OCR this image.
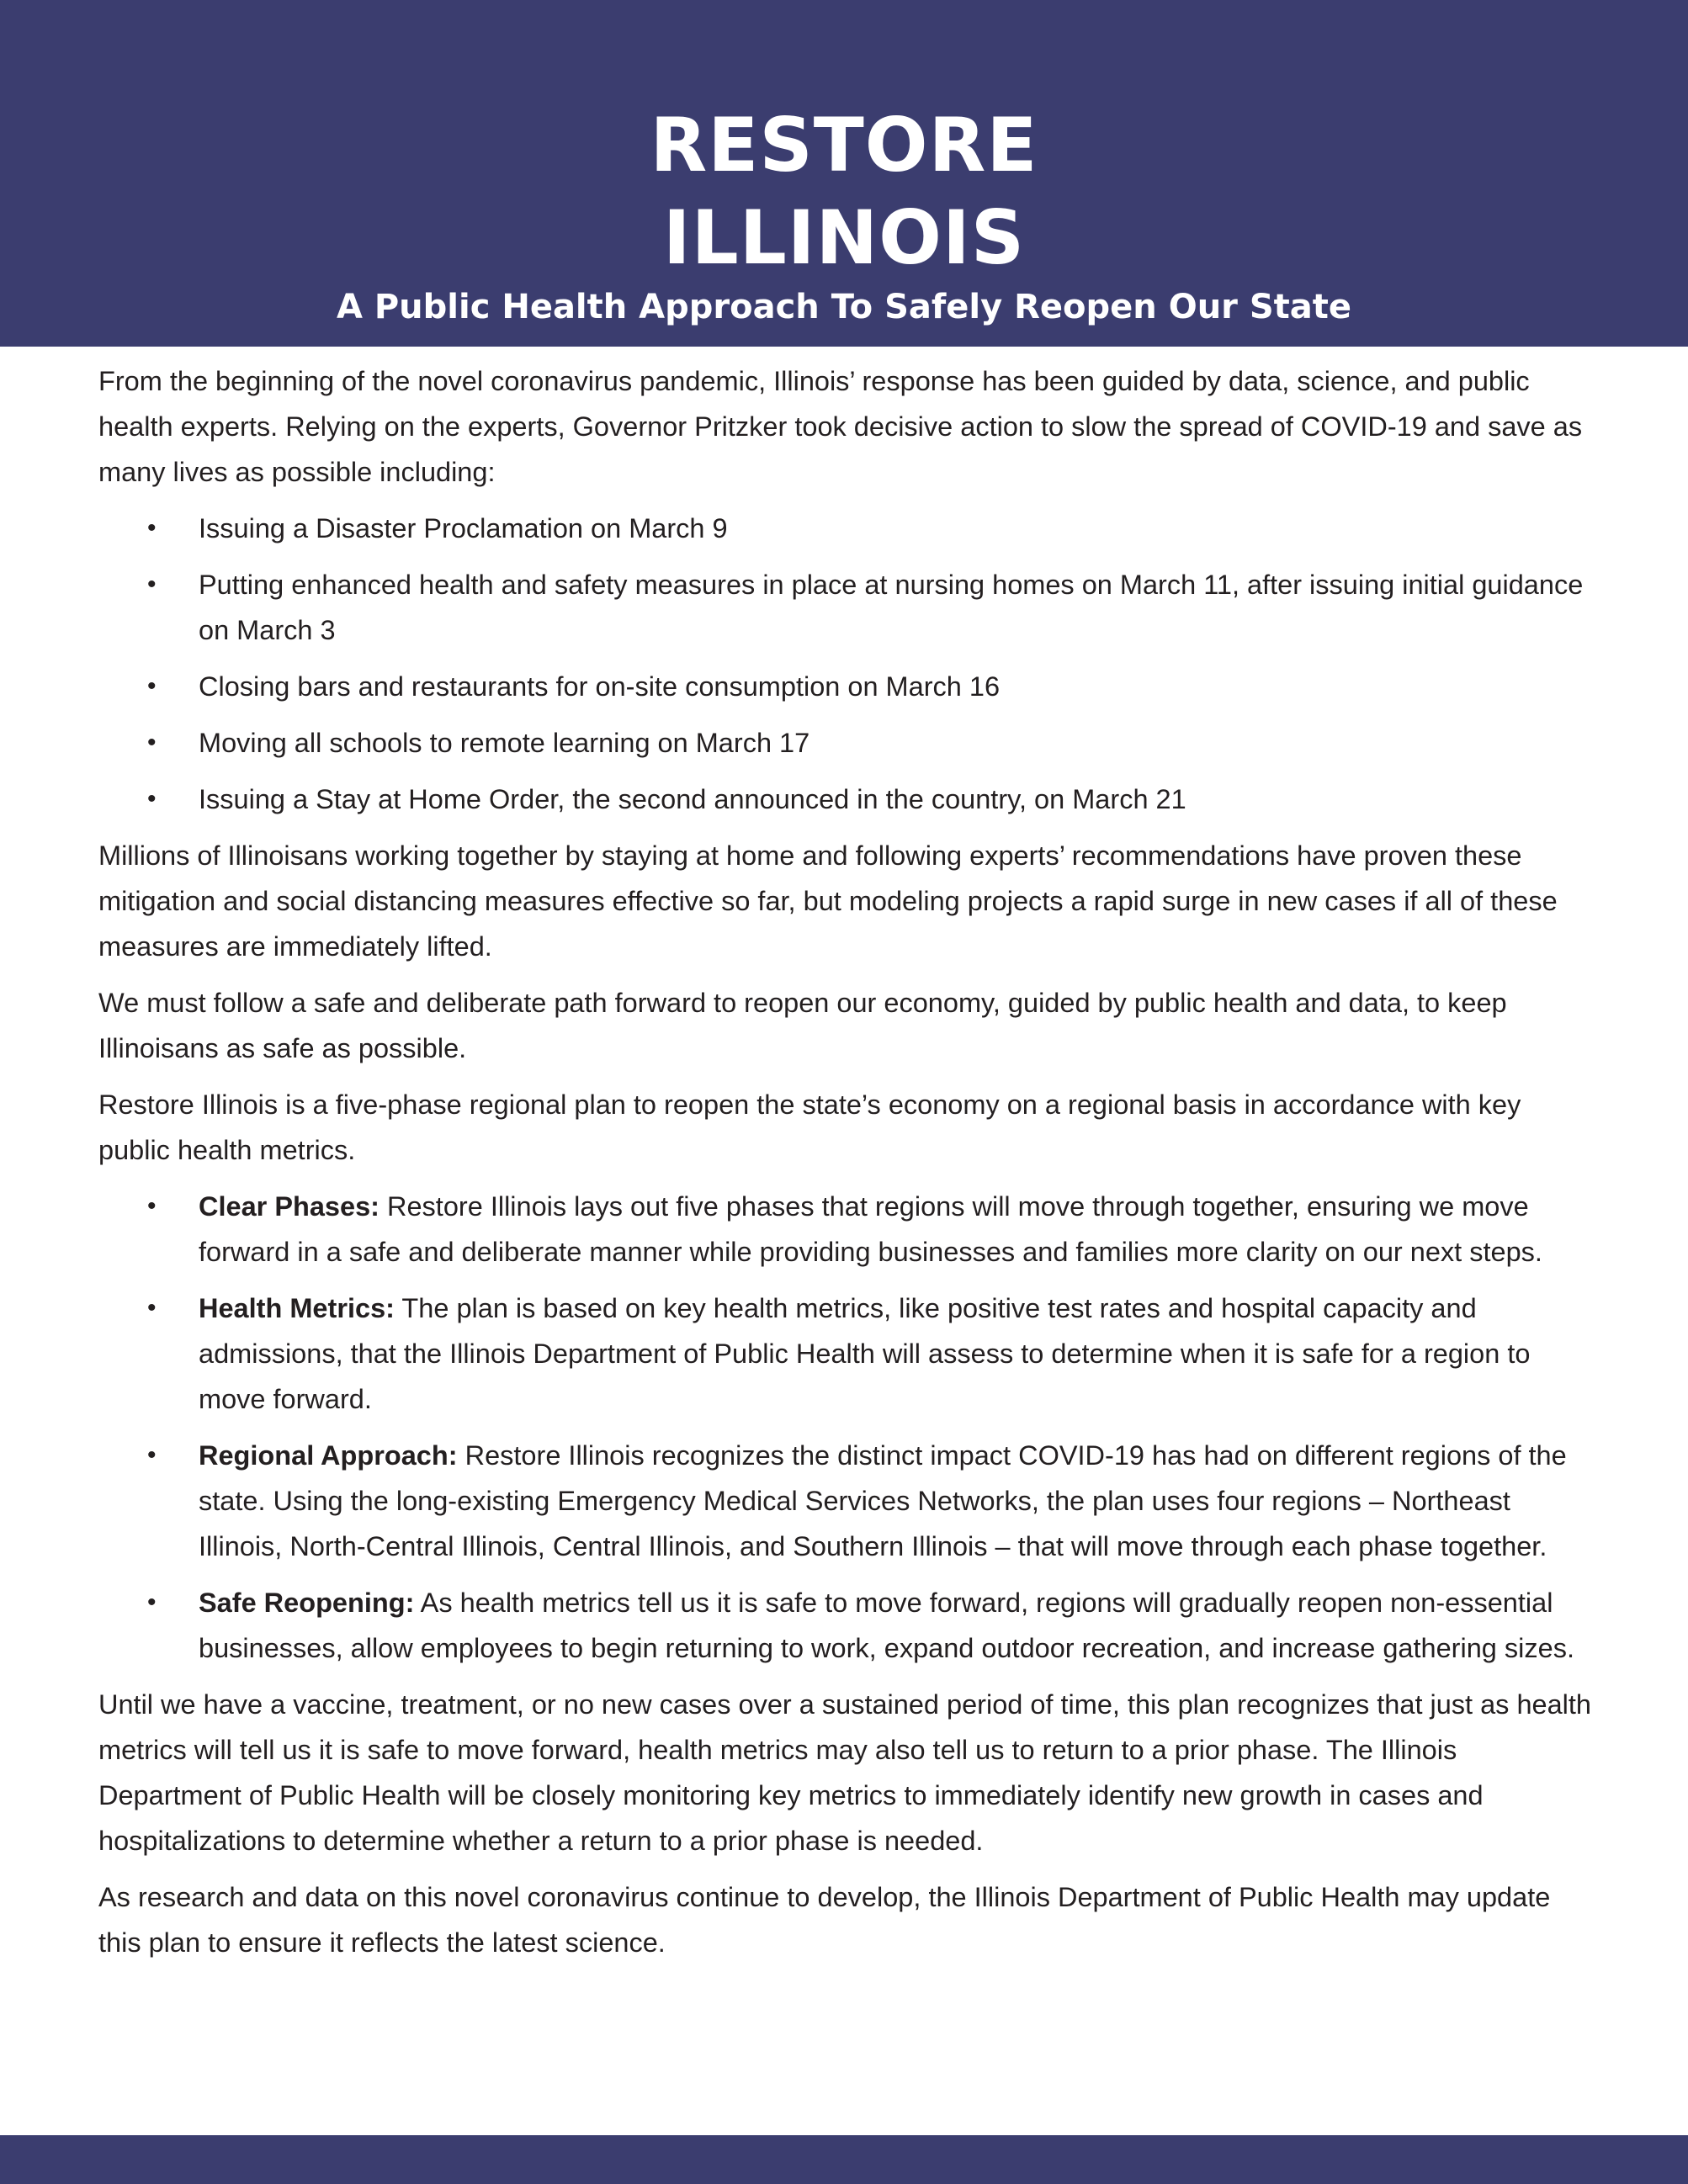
RESTORE
ILLINOIS
A Public Health Approach To Safely Reopen Our State

From the beginning of the novel coronavirus pandemic, Illinois’ response has been guided by data, science, and public health experts. Relying on the experts, Governor Pritzker took decisive action to slow the spread of COVID-19 and save as many lives as possible including:

• Issuing a Disaster Proclamation on March 9
• Putting enhanced health and safety measures in place at nursing homes on March 11, after issuing initial guidance on March 3
• Closing bars and restaurants for on-site consumption on March 16
• Moving all schools to remote learning on March 17
• Issuing a Stay at Home Order, the second announced in the country, on March 21

Millions of Illinoisans working together by staying at home and following experts’ recommendations have proven these mitigation and social distancing measures effective so far, but modeling projects a rapid surge in new cases if all of these measures are immediately lifted.

We must follow a safe and deliberate path forward to reopen our economy, guided by public health and data, to keep Illinoisans as safe as possible.

Restore Illinois is a five-phase regional plan to reopen the state’s economy on a regional basis in accordance with key public health metrics.

• Clear Phases: Restore Illinois lays out five phases that regions will move through together, ensuring we move forward in a safe and deliberate manner while providing businesses and families more clarity on our next steps.
• Health Metrics: The plan is based on key health metrics, like positive test rates and hospital capacity and admissions, that the Illinois Department of Public Health will assess to determine when it is safe for a region to move forward.
• Regional Approach: Restore Illinois recognizes the distinct impact COVID-19 has had on different regions of the state. Using the long-existing Emergency Medical Services Networks, the plan uses four regions – Northeast Illinois, North-Central Illinois, Central Illinois, and Southern Illinois – that will move through each phase together.
• Safe Reopening: As health metrics tell us it is safe to move forward, regions will gradually reopen non-essential businesses, allow employees to begin returning to work, expand outdoor recreation, and increase gathering sizes.

Until we have a vaccine, treatment, or no new cases over a sustained period of time, this plan recognizes that just as health metrics will tell us it is safe to move forward, health metrics may also tell us to return to a prior phase. The Illinois Department of Public Health will be closely monitoring key metrics to immediately identify new growth in cases and hospitalizations to determine whether a return to a prior phase is needed.

As research and data on this novel coronavirus continue to develop, the Illinois Department of Public Health may update this plan to ensure it reflects the latest science.
